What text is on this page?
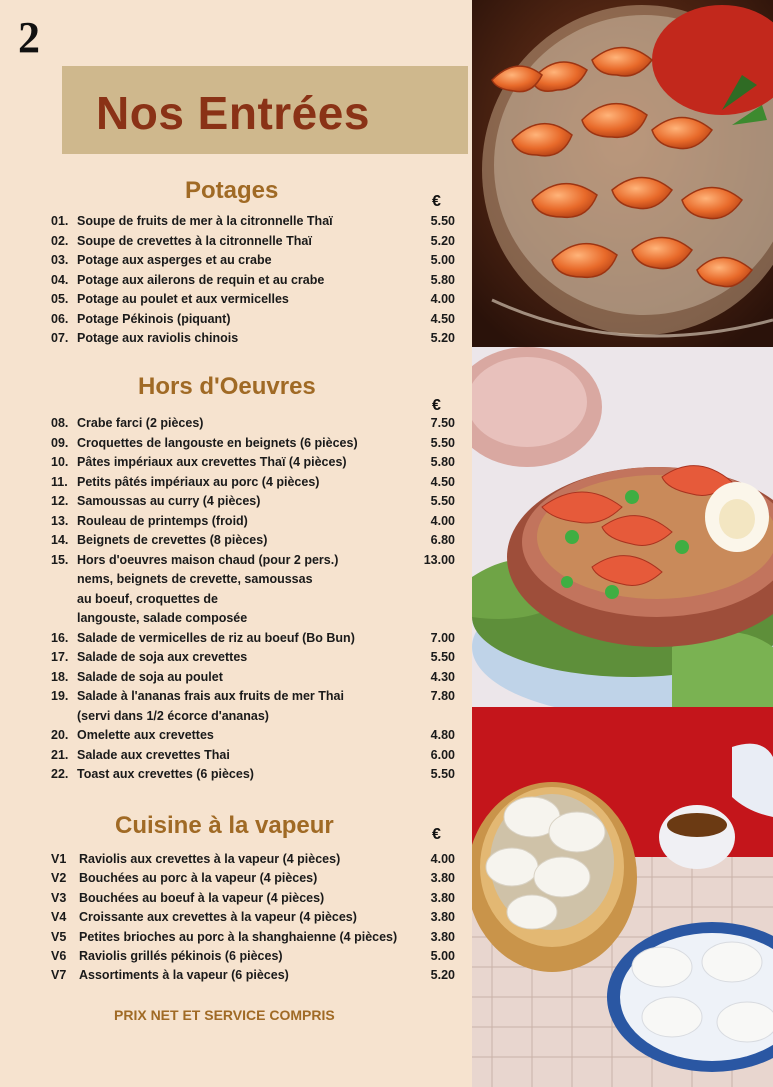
2
Nos Entrées
Potages	€
01. Soupe de fruits de mer à la citronnelle Thaï	5.50
02. Soupe de crevettes à la citronnelle Thaï	5.20
03. Potage aux asperges et au crabe	5.00
04. Potage aux ailerons de requin et au crabe	5.80
05. Potage au poulet et aux vermicelles	4.00
06. Potage Pékinois (piquant)	4.50
07. Potage aux raviolis chinois	5.20
Hors d'Oeuvres
€
08. Crabe farci (2 pièces)	7.50
09. Croquettes de langouste en beignets (6 pièces)	5.50
10. Pâtes impériaux aux crevettes Thaï (4 pièces)	5.80
11. Petits pâtés impériaux au porc (4 pièces)	4.50
12. Samoussas au curry (4 pièces)	5.50
13. Rouleau de printemps (froid)	4.00
14. Beignets de crevettes (8 pièces)	6.80
15. Hors d'oeuvres maison chaud (pour 2 pers.)	13.00
nems, beignets de crevette, samoussas
au boeuf, croquettes de
langouste, salade composée
16. Salade de vermicelles de riz au boeuf (Bo Bun)	7.00
17. Salade de soja aux crevettes	5.50
18. Salade de soja au poulet	4.30
19. Salade à l'ananas frais aux fruits de mer Thai	7.80
(servi dans 1/2 écorce d'ananas)
20. Omelette aux crevettes	4.80
21. Salade aux crevettes Thai	6.00
22. Toast aux crevettes (6 pièces)	5.50
Cuisine à la vapeur	€
V1 Raviolis aux crevettes à la vapeur (4 pièces)	4.00
V2 Bouchées au porc à la vapeur (4 pièces)	3.80
V3 Bouchées au boeuf à la vapeur (4 pièces)	3.80
V4 Croissante aux crevettes à la vapeur (4 pièces)	3.80
V5 Petites brioches au porc à la shanghaienne (4 pièces)	3.80
V6 Raviolis grillés pékinois (6 pièces)	5.00
V7 Assortiments à la vapeur (6 pièces)	5.20
PRIX NET ET SERVICE COMPRIS
